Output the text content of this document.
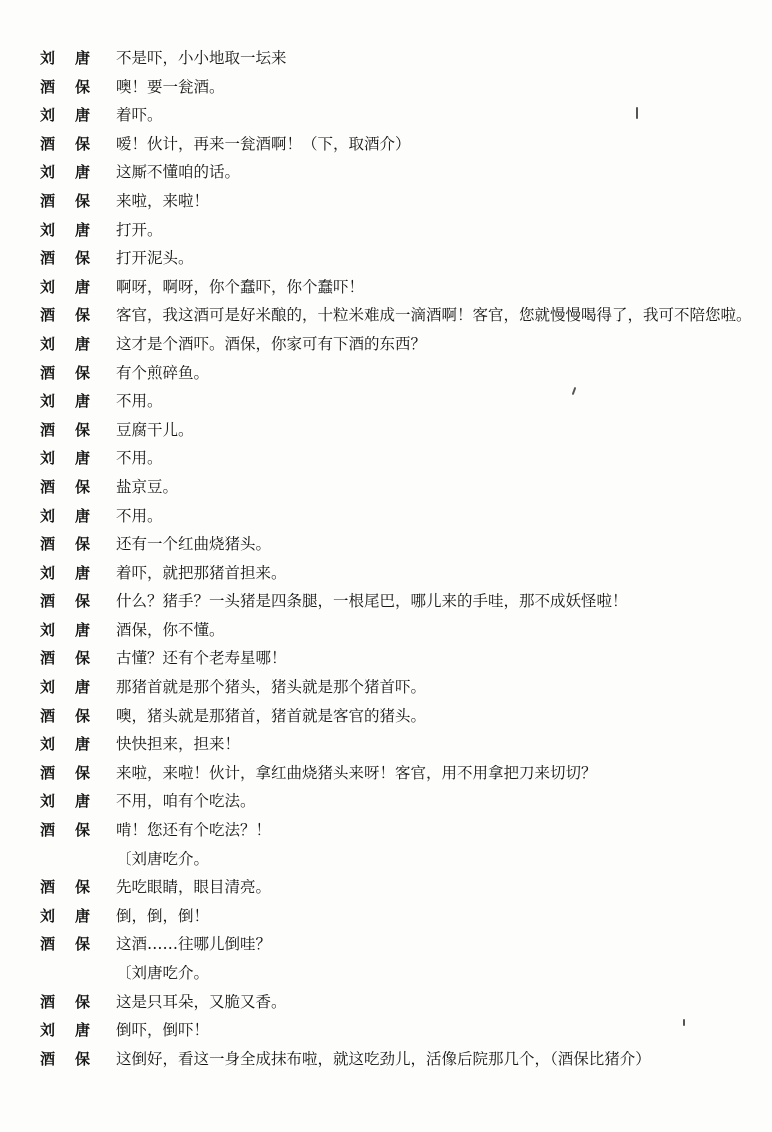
刘唐 不是吓，小小地取一坛来
酒保 噢！要一瓮酒。
刘唐 着吓。
酒保 嗳！伙计，再来一瓮酒啊！（下，取酒介）
刘唐 这厮不懂咱的话。
酒保 来啦，来啦！
刘唐 打开。
酒保 打开泥头。
刘唐 啊呀，啊呀，你个蠢吓，你个蠢吓！
酒保 客官，我这酒可是好米酿的，十粒米难成一滴酒啊！客官，您就慢慢喝得了，我可不陪您啦。
刘唐 这才是个酒吓。酒保，你家可有下酒的东西？
酒保 有个煎碎鱼。
刘唐 不用。
酒保 豆腐干儿。
刘唐 不用。
酒保 盐京豆。
刘唐 不用。
酒保 还有一个红曲烧猪头。
刘唐 着吓，就把那猪首担来。
酒保 什么？猪手？一头猪是四条腿，一根尾巴，哪儿来的手哇，那不成妖怪啦！
刘唐 酒保，你不懂。
酒保 古懂？还有个老寿星哪！
刘唐 那猪首就是那个猪头，猪头就是那个猪首吓。
酒保 噢，猪头就是那猪首，猪首就是客官的猪头。
刘唐 快快担来，担来！
酒保 来啦，来啦！伙计，拿红曲烧猪头来呀！客官，用不用拿把刀来切切？
刘唐 不用，咱有个吃法。
酒保 啃！您还有个吃法？！
〔刘唐吃介。
酒保 先吃眼睛，眼目清亮。
刘唐 倒，倒，倒！
酒保 这酒……往哪儿倒哇？
〔刘唐吃介。
酒保 这是只耳朵，又脆又香。
刘唐 倒吓，倒吓！
酒保 这倒好，看这一身全成抹布啦，就这吃劲儿，活像后院那几个，（酒保比猪介）
